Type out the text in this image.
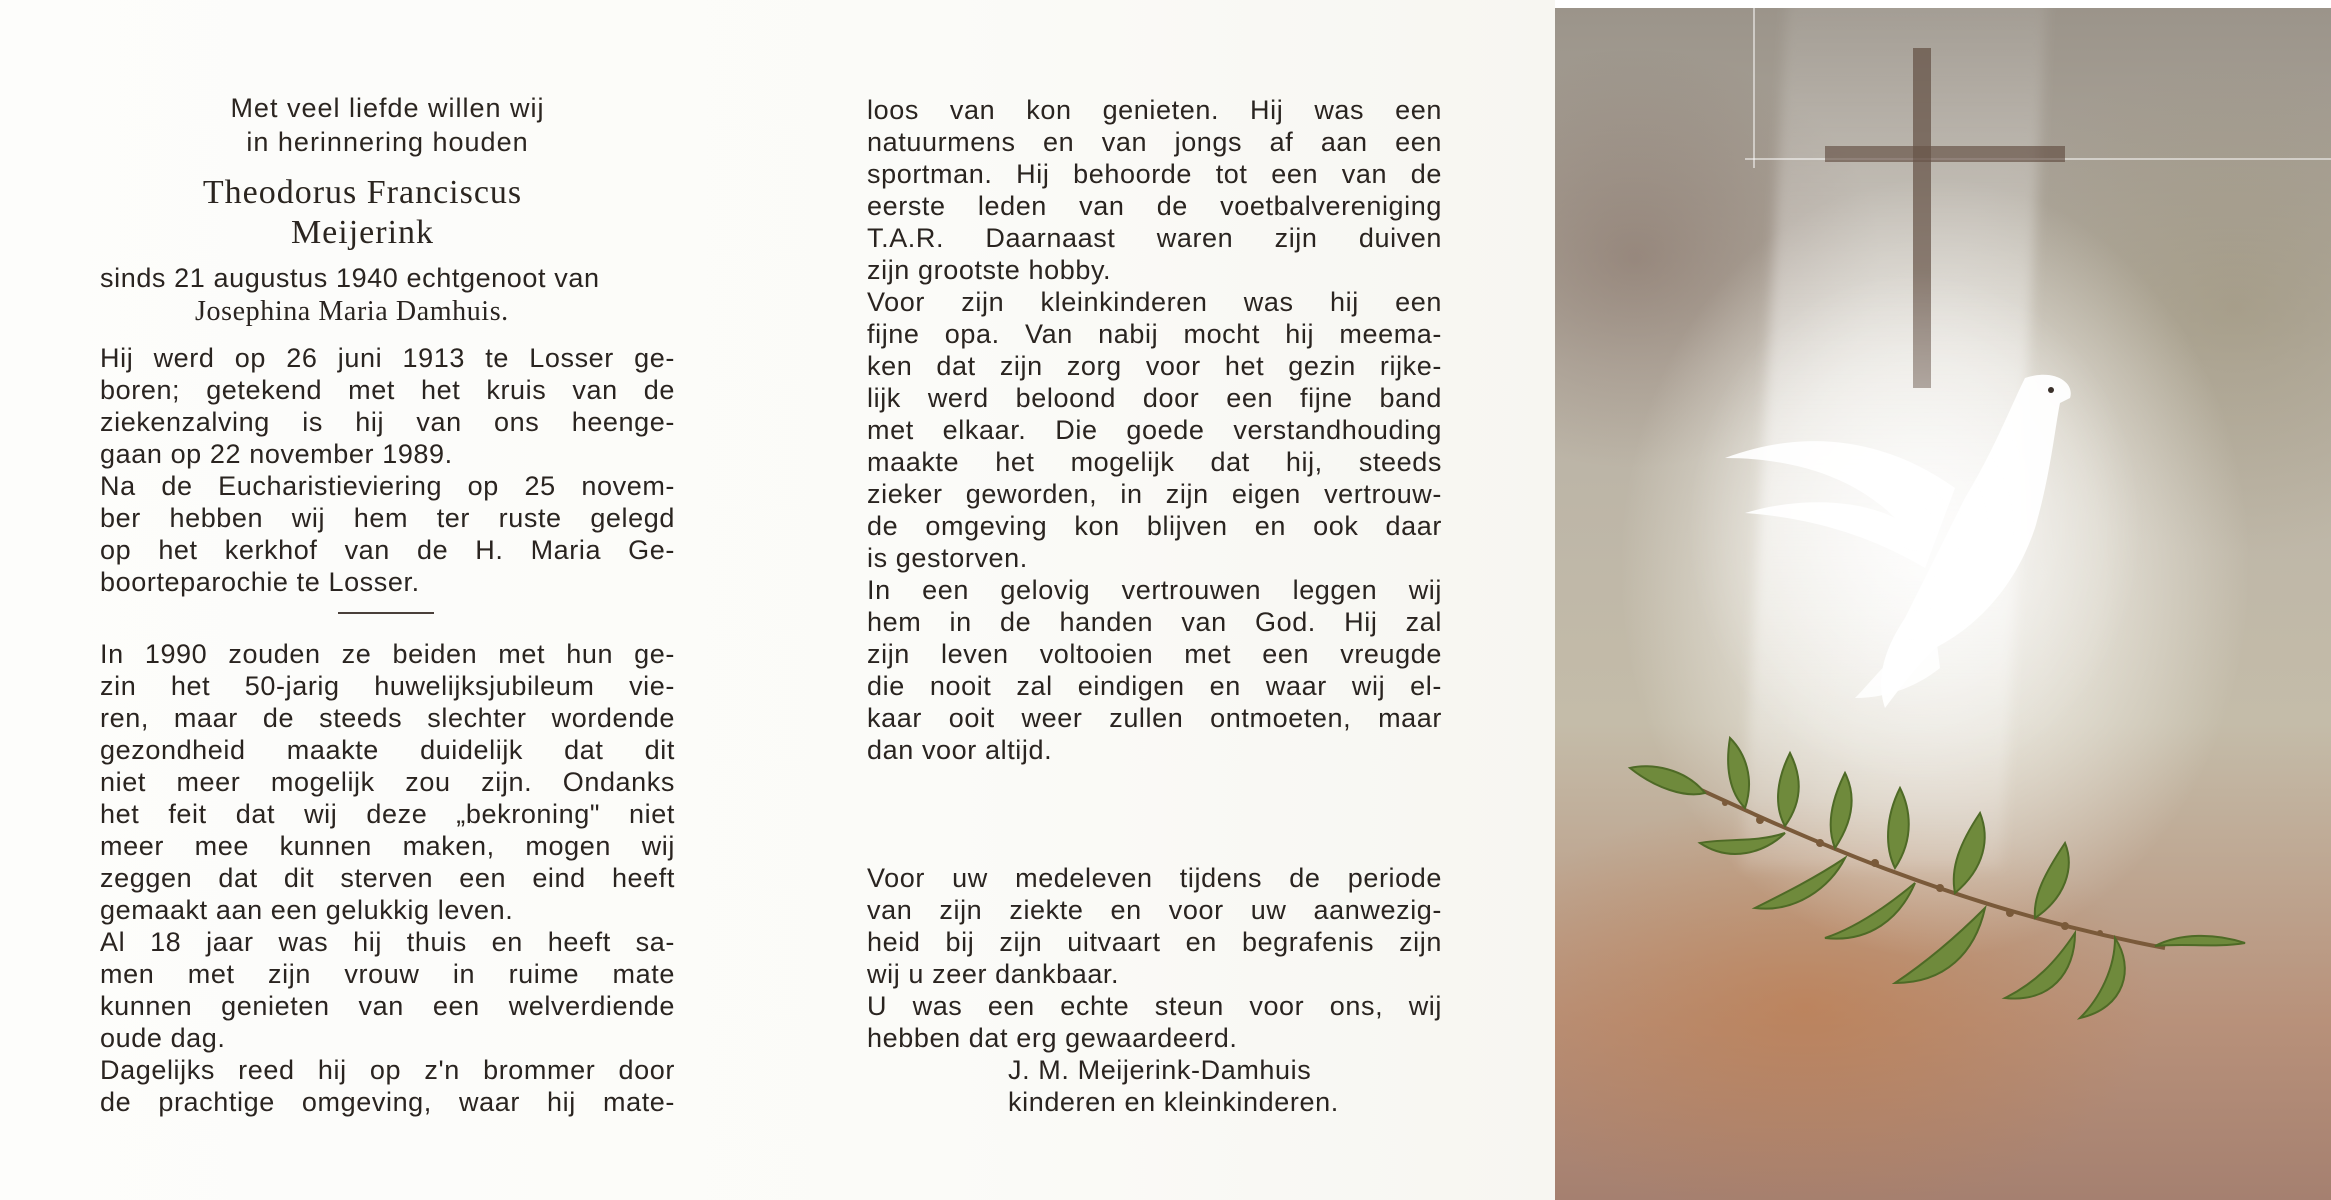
Met veel liefde willen wij
in herinnering houden
Theodorus Franciscus
Meijerink
sinds 21 augustus 1940 echtgenoot van
Josephina Maria Damhuis.
Hij werd op 26 juni 1913 te Losser ge-
boren; getekend met het kruis van de
ziekenzalving is hij van ons heenge-
gaan op 22 november 1989.
Na de Eucharistieviering op 25 novem-
ber hebben wij hem ter ruste gelegd
op het kerkhof van de H. Maria Ge-
boorteparochie te Losser.
In 1990 zouden ze beiden met hun ge-
zin het 50-jarig huwelijksjubileum vie-
ren, maar de steeds slechter wordende
gezondheid maakte duidelijk dat dit
niet meer mogelijk zou zijn. Ondanks
het feit dat wij deze „bekroning" niet
meer mee kunnen maken, mogen wij
zeggen dat dit sterven een eind heeft
gemaakt aan een gelukkig leven.
Al 18 jaar was hij thuis en heeft sa-
men met zijn vrouw in ruime mate
kunnen genieten van een welverdiende
oude dag.
Dagelijks reed hij op z'n brommer door
de prachtige omgeving, waar hij mate-
loos van kon genieten. Hij was een
natuurmens en van jongs af aan een
sportman. Hij behoorde tot een van de
eerste leden van de voetbalvereniging
T.A.R. Daarnaast waren zijn duiven
zijn grootste hobby.
Voor zijn kleinkinderen was hij een
fijne opa. Van nabij mocht hij meema-
ken dat zijn zorg voor het gezin rijke-
lijk werd beloond door een fijne band
met elkaar. Die goede verstandhouding
maakte het mogelijk dat hij, steeds
zieker geworden, in zijn eigen vertrouw-
de omgeving kon blijven en ook daar
is gestorven.
In een gelovig vertrouwen leggen wij
hem in de handen van God. Hij zal
zijn leven voltooien met een vreugde
die nooit zal eindigen en waar wij el-
kaar ooit weer zullen ontmoeten, maar
dan voor altijd.
Voor uw medeleven tijdens de periode
van zijn ziekte en voor uw aanwezig-
heid bij zijn uitvaart en begrafenis zijn
wij u zeer dankbaar.
U was een echte steun voor ons, wij
hebben dat erg gewaardeerd.
J. M. Meijerink-Damhuis
kinderen en kleinkinderen.
